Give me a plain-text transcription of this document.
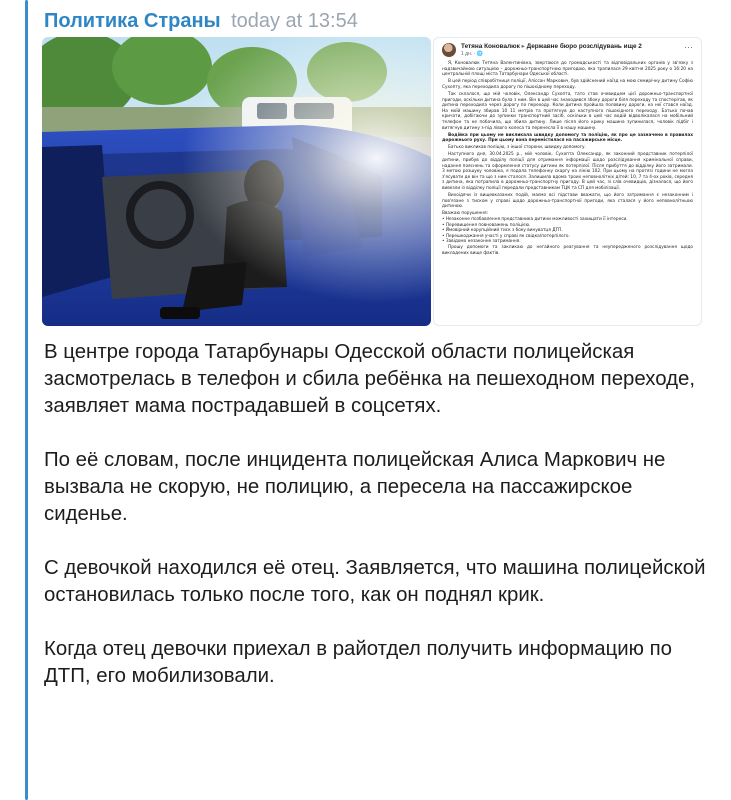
Политика Страны today at 13:54
Тетяна Коновалюк ▸ Державне бюро розслідувань ище 2
1 дн. · 🌐
···

Я, Коновалюк Тетяна Валентинівна, звертаюся до громадськості та відповідальних органів у зв'язку з надзвичайною ситуацією – дорожньо-транспортною пригодою, яка трапилася 29 квітня 2025 року о 16:20 на центральній площі міста Татарбунари Одеської області.

В цей період співробітниця поліції, Аліссон Маркович, був здійснений наїзд на мою семирічну дитину Софію Сухопту, яка переходила дорогу по пішохідному переходу.

Так склалося, що мій чоловік, Олександр Сухопта, тато став очевидцем цієї дорожньо-транспортної пригоди, оскільки дитина була з ним. Він в цей час знаходився збоку дороги біля переходу та спостерігав, як дитина переходила через дорогу по переходу. Коли дитина пройшла половину дороги, на неї стався наїзд. На моїй машину збирав 10 11 метрів та протягнув до наступного пішохідного переходу. Батько почав кричати, добігаючи до зупинки транспортний засіб, оскільки в цей час водій відволікалася на мобільний телефон та не побачила, що збила дитину. Лише після його крику машина зупинилася, чоловік підбіг і витягнув дитину з-під лівого колеса та перенесла її в нашу машину.

Водійка при цьому не викликала швидку допомогу та поліцію, як про це зазначено в правилах дорожнього руху. При цьому вона перемістилася на пасажирське місце.

Батько викликав поліцію, з іншої сторони, швидку допомогу.

Наступного дня, 30.04.2025 р., мій чоловік, Сухопта Олександр, як законний представник потерпілої дитини, прибув до відділу поліції для отримання інформації щодо розслідування кримінальної справи, надання пояснень та оформлення статусу дитини як потерпілої. Після прибуття до відділку його затримали. З метою розшуку чоловіка, я подала телефонну скаргу на лінію 102. При цьому на протязі години не могла з'ясувати де він та що з ним сталося. Залишила вдома троих неповнолітніх дітей: 10, 7 та 4-ох років, середня з дитина, яка потрапила в дорожньо-транспортну пригоду. В цей час, зі слів очевидців, дізналася, що його вивезли із відділку поліції передали представникам ТЦК та СП для мобілізації.

Вихоідячи із вищевказаних подій, маємо всі підстави вважати, що його затримання є незаконним і пов'язане з тиском у справі щодо дорожньо-транспортної пригоди, яка сталася у його неповнолітньою дитиною.

Вважаю порушення:

• Незаконне позбавлення представника дитини можливості захищати її інтереси.

• Перевищення повноважень поліцією.

• Ймовірний корупційний тиск з боку винуватця ДТП.

• Перешкоджання участі у справі як свідка/потерпілого.

• Завідомо незаконне затримання.

Прошу допомоги та закликаю до негайного реагування та неупередженого розслідування щодо викладених вище фактів.

В центре города Татарбунары Одесской области полицейская засмотрелась в телефон и сбила ребёнка на пешеходном переходе, заявляет мама пострадавшей в соцсетях.

По её словам, после инцидента полицейская Алиса Маркович не вызвала не скорую, не полицию, а пересела на пассажирское сиденье.

С девочкой находился её отец. Заявляется, что машина полицейской остановилась только после того, как он поднял крик.

Когда отец девочки приехал в райотдел получить информацию по ДТП, его мобилизовали.
